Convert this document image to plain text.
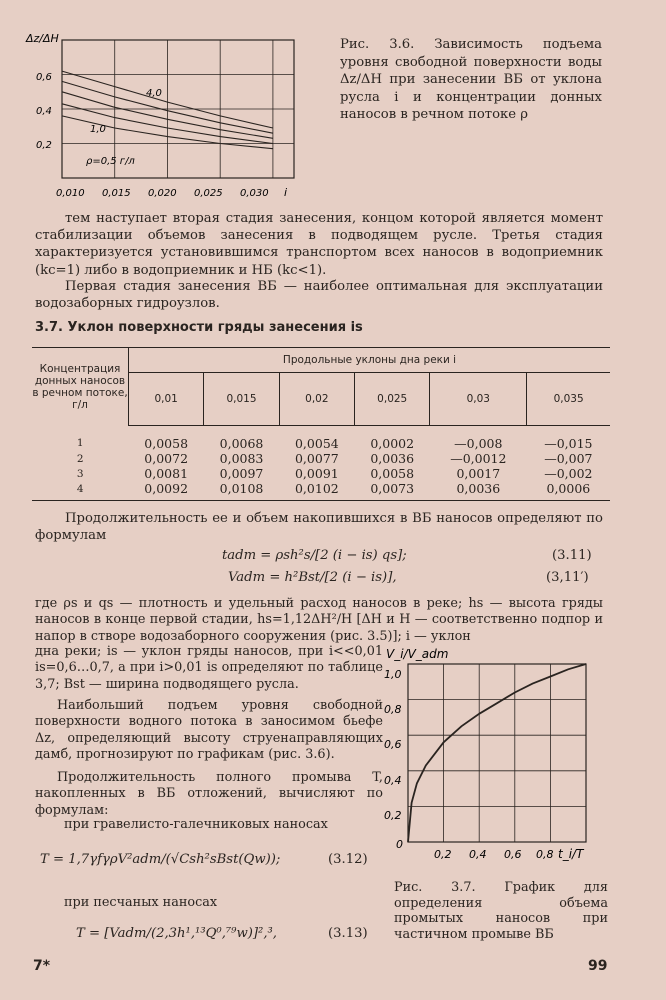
Δz/ΔH
i
0,6
0,4
0,2
0,010 0,015 0,020 0,025 0,030
4,0
1,0
ρ=0,5 г/л

Рис. 3.6. Зависимость подъема уровня свободной поверхности воды Δz/ΔH при занесении ВБ от уклона русла i и концентрации донных наносов в речном потоке ρ

тем наступает вторая стадия занесения, концом которой является момент стабилизации объемов занесения в подводящем русле. Третья стадия характеризуется установившимся транспортом всех наносов в водоприемник (kc=1) либо в водоприемник и НБ (kc<1).

Первая стадия занесения ВБ — наиболее оптимальная для эксплуатации водозаборных гидроузлов.

3.7. Уклон поверхности гряды занесения is
Концентрация донных наносов в речном потоке, г/л	Продольные уклоны дна реки i					
	0,01	0,015	0,02	0,025	0,03	0,035
1	0,0058	0,0068	0,0054	0,0002	—0,008	—0,015
2	0,0072	0,0083	0,0077	0,0036	—0,0012	—0,007
3	0,0081	0,0097	0,0091	0,0058	0,0017	—0,002
4	0,0092	0,0108	0,0102	0,0073	0,0036	0,0006

Продолжительность ее и объем накопившихся в ВБ наносов определяют по формулам

tadm = ρsh²s/[2 (i − is) qs];	(3.11)
Vadm = h²Bst/[2 (i − is)],	(3,11′)

где ρs и qs — плотность и удельный расход наносов в реке; hs — высота гряды наносов в конце первой стадии, hs=1,12ΔH²/H [ΔH и H — соответственно подпор и напор в створе водозаборного сооружения (рис. 3.5)]; i — уклон

дна реки; is — уклон гряды наносов, при i<<0,01 is=0,6…0,7, а при i>0,01 is определяют по таблице 3,7; Bst — ширина подводящего русла.

Наибольший подъем уровня свободной поверхности водного потока в заносимом бьефе Δz, определяющий высоту струенаправляющих дамб, прогнозируют по графикам (рис. 3.6).

Продолжительность полного промыва T, накопленных в ВБ отложений, вычисляют по формулам:

при гравелисто-галечниковых наносах
T = 1,7γfγρV²adm/(√Csh²sBst(Qw));	(3.12)
при песчаных наносах
T = [Vadm/(2,3h¹,¹³Q⁰,⁷⁹w)]²,³,	(3.13)
V_i/V_adm
t_i/T
1,0
0,8
0,6
0,4
0,2
0
0,2 0,4 0,6 0,8

Рис. 3.7. График для определения объема промытых наносов при частичном промыве ВБ

7*	99
